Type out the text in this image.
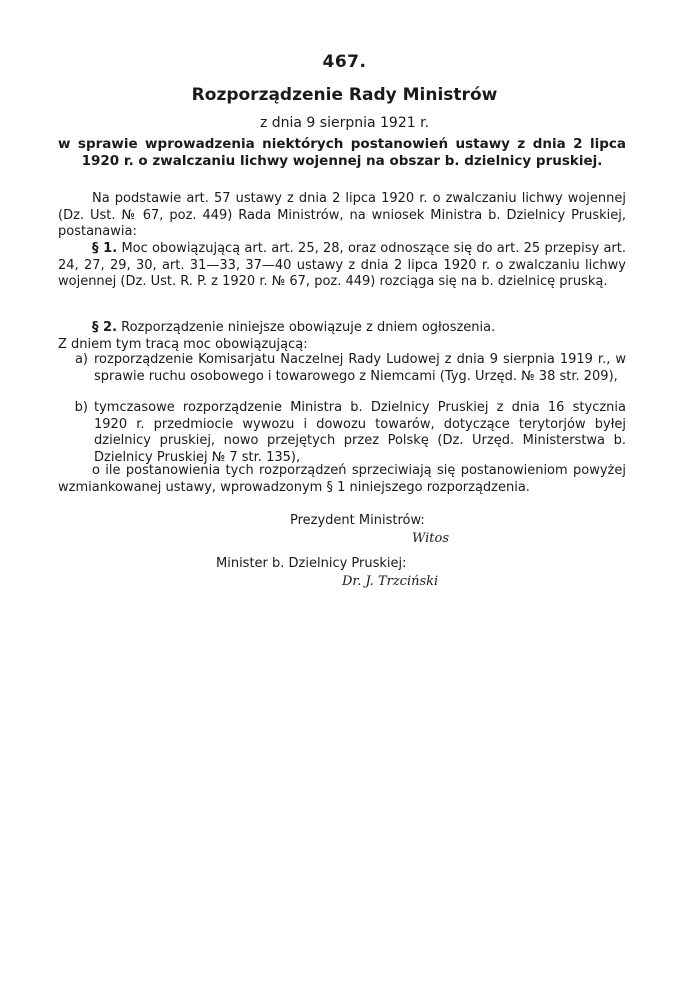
467.
Rozporządzenie Rady Ministrów
z dnia 9 sierpnia 1921 r.
w sprawie wprowadzenia niektórych postanowień ustawy z dnia 2 lipca 1920 r. o zwalczaniu lichwy wojennej na obszar b. dzielnicy pruskiej.
Na podstawie art. 57 ustawy z dnia 2 lipca 1920 r. o zwalczaniu lichwy wojennej (Dz. Ust. № 67, poz. 449) Rada Ministrów, na wniosek Ministra b. Dzielnicy Pruskiej, postanawia:
§ 1. Moc obowiązującą art. art. 25, 28, oraz odnoszące się do art. 25 przepisy art. 24, 27, 29, 30, art. 31—33, 37—40 ustawy z dnia 2 lipca 1920 r. o zwalczaniu lichwy wojennej (Dz. Ust. R. P. z 1920 r. № 67, poz. 449) rozciąga się na b. dzielnicę pruską.
§ 2. Rozporządzenie niniejsze obowiązuje z dniem ogłoszenia.
Z dniem tym tracą moc obowiązującą:
a) rozporządzenie Komisarjatu Naczelnej Rady Ludowej z dnia 9 sierpnia 1919 r., w sprawie ruchu osobowego i towarowego z Niemcami (Tyg. Urzęd. № 38 str. 209),
b) tymczasowe rozporządzenie Ministra b. Dzielnicy Pruskiej z dnia 16 stycznia 1920 r. przedmiocie wywozu i dowozu towarów, dotyczące terytorjów byłej dzielnicy pruskiej, nowo przejętych przez Polskę (Dz. Urzęd. Ministerstwa b. Dzielnicy Pruskiej № 7 str. 135),
o ile postanowienia tych rozporządzeń sprzeciwiają się postanowieniom powyżej wzmiankowanej ustawy, wprowadzonym § 1 niniejszego rozporządzenia.
Prezydent Ministrów:
Witos
Minister b. Dzielnicy Pruskiej:
Dr. J. Trzciński
